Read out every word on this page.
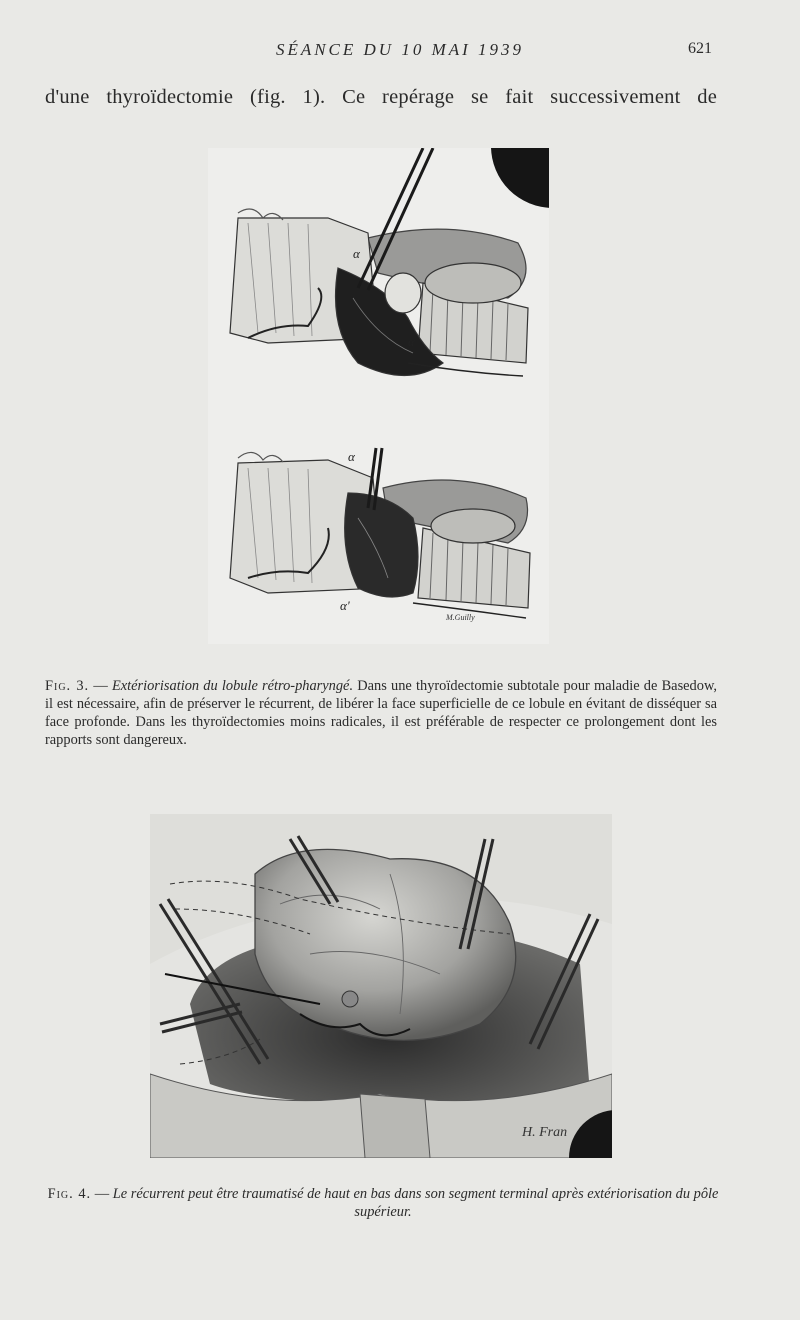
SÉANCE DU 10 MAI 1939	621
d'une thyroïdectomie (fig. 1). Ce repérage se fait successivement de
α
α
α
α'
M.Guilly
Fig. 3. — Extériorisation du lobule rétro-pharyngé. Dans une thyroïdectomie subtotale pour maladie de Basedow, il est nécessaire, afin de préserver le récurrent, de libérer la face superficielle de ce lobule en évitant de disséquer sa face profonde. Dans les thyroïdectomies moins radicales, il est préférable de respecter ce prolongement dont les rapports sont dangereux.
H. Fran
Fig. 4. — Le récurrent peut être traumatisé de haut en bas dans son segment terminal après extériorisation du pôle supérieur.
